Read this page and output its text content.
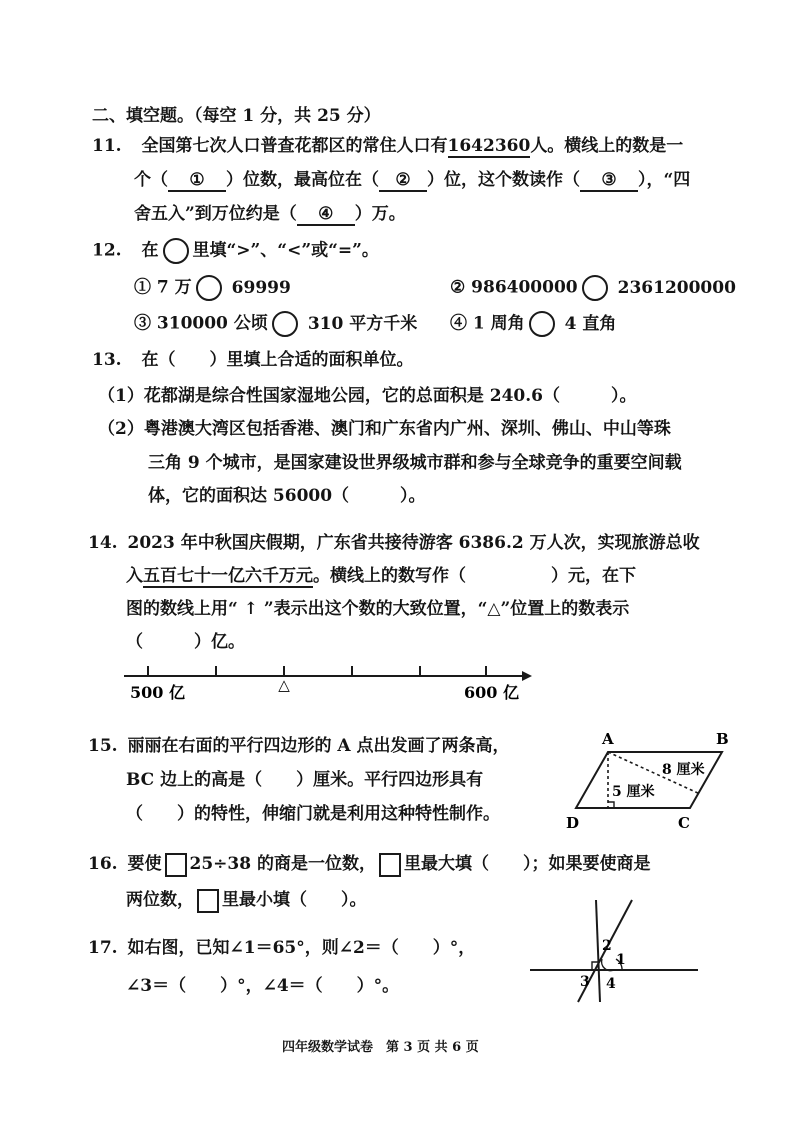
二、填空题。（每空 1 分，共 25 分）
11. 全国第七次人口普查花都区的常住人口有1642360人。横线上的数是一
个（ ① ）位数，最高位在（ ② ）位，这个数读作（ ③ ），“四
舍五入”到万位约是（ ④ ）万。
12. 在 里填“>”、“<”或“=”。
① 7 万 69999	② 986400000 2361200000
③ 310000 公顷 310 平方千米 ④ 1 周角 4 直角
13. 在（　　）里填上合适的面积单位。
（1）花都湖是综合性国家湿地公园，它的总面积是 240.6（　　　）。
（2）粤港澳大湾区包括香港、澳门和广东省内广州、深圳、佛山、中山等珠
三角 9 个城市，是国家建设世界级城市群和参与全球竞争的重要空间载
体，它的面积达 56000（　　　）。
14. 2023 年中秋国庆假期，广东省共接待游客 6386.2 万人次，实现旅游总收
入五百七十一亿六千万元。横线上的数写作（　　　　　）元，在下
图的数线上用“ ↑ ”表示出这个数的大致位置，“△”位置上的数表示
（　　　）亿。
△
500 亿	600 亿
15. 丽丽在右面的平行四边形的 A 点出发画了两条高，
BC 边上的高是（　　）厘米。平行四边形具有
（　　）的特性，伸缩门就是利用这种特性制作。
A	B
D	C
8 厘米
5 厘米
16. 要使 25÷38 的商是一位数， 里最大填（　　）；如果要使商是
两位数， 里最小填（　　）。
17. 如右图，已知∠1＝65°，则∠2＝（　　）°，
∠3＝（　　）°，∠4＝（　　）°。
2
1
3 4
四年级数学试卷　第 3 页 共 6 页
